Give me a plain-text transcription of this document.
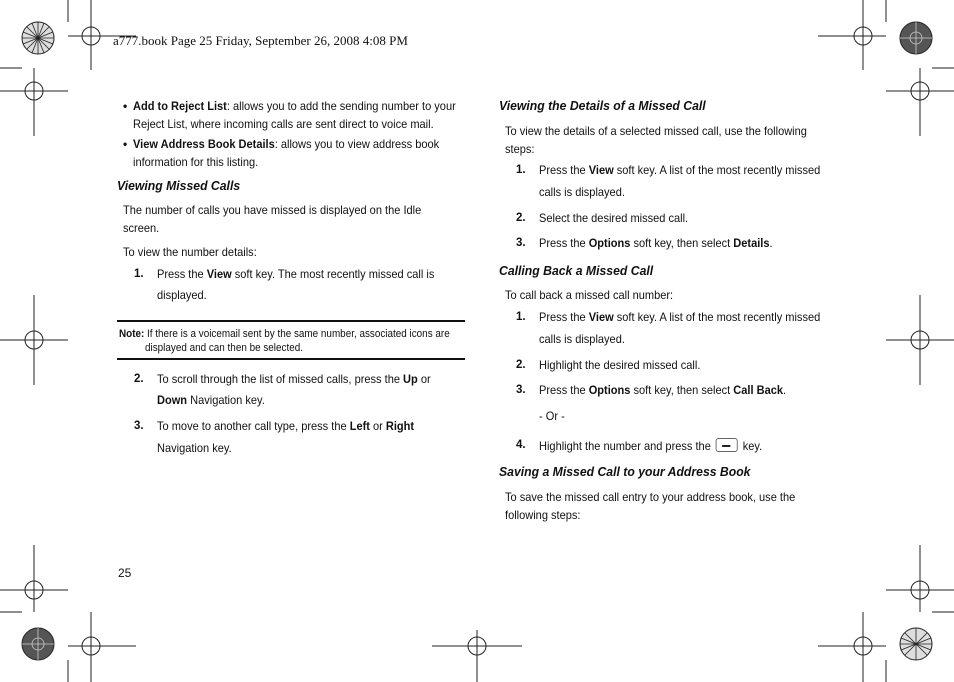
a777.book Page 25 Friday, September 26, 2008 4:08 PM
• Add to Reject List: allows you to add the sending number to your
Reject List, where incoming calls are sent direct to voice mail.
• View Address Book Details: allows you to view address book
information for this listing.
Viewing Missed Calls
The number of calls you have missed is displayed on the Idle
screen.
To view the number details:
1. Press the View soft key. The most recently missed call is
displayed.
Note: If there is a voicemail sent by the same number, associated icons are
displayed and can then be selected.
2. To scroll through the list of missed calls, press the Up or
Down Navigation key.
3. To move to another call type, press the Left or Right
Navigation key.
Viewing the Details of a Missed Call
To view the details of a selected missed call, use the following
steps:
1. Press the View soft key. A list of the most recently missed
calls is displayed.
2. Select the desired missed call.
3. Press the Options soft key, then select Details.
Calling Back a Missed Call
To call back a missed call number:
1. Press the View soft key. A list of the most recently missed
calls is displayed.
2. Highlight the desired missed call.
3. Press the Options soft key, then select Call Back.
- Or -
4. Highlight the number and press the  key.
Saving a Missed Call to your Address Book
To save the missed call entry to your address book, use the
following steps:
25
